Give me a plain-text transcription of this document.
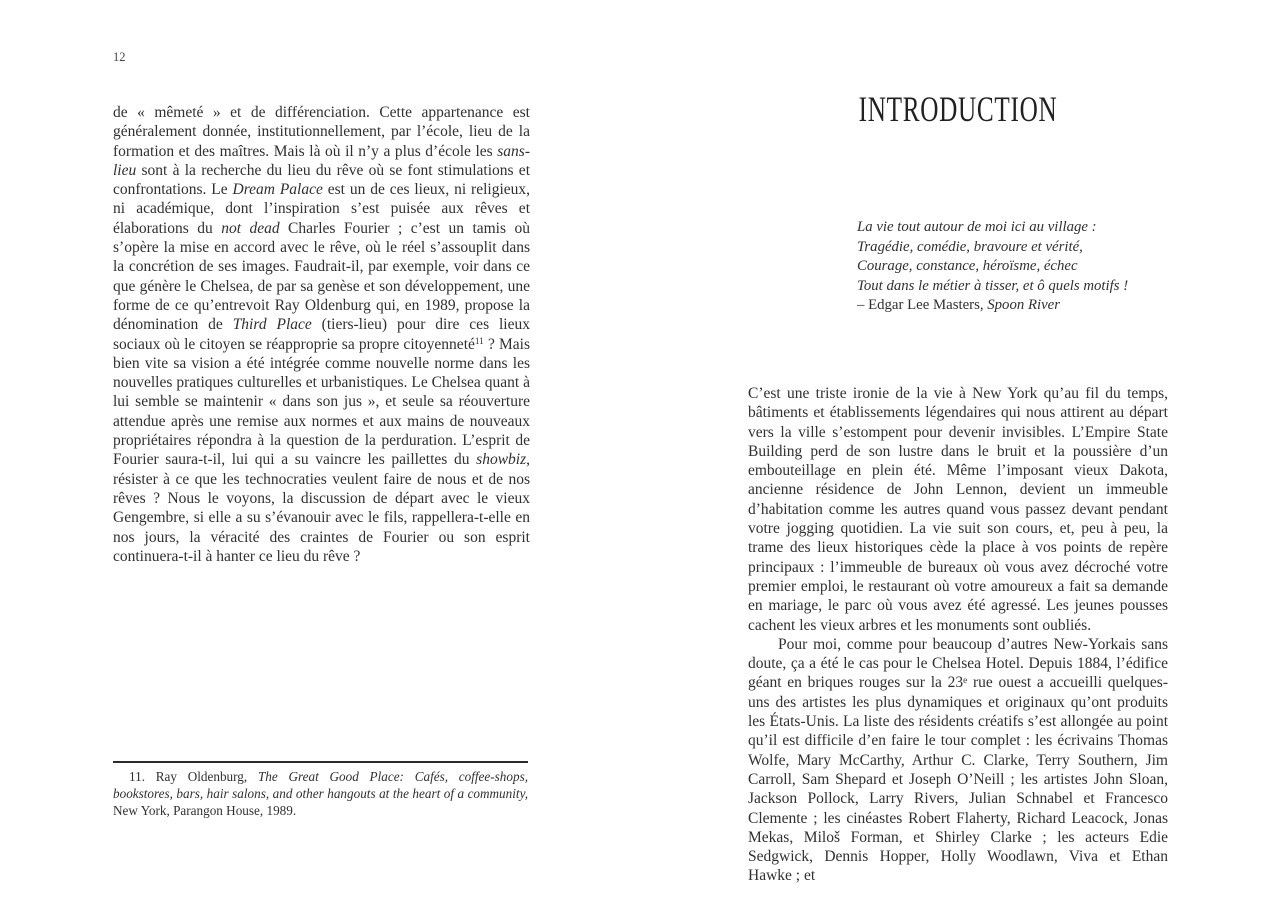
12

de « mêmeté » et de différenciation. Cette appartenance est généralement donnée, institutionnellement, par l’école, lieu de la formation et des maîtres. Mais là où il n’y a plus d’école les sans-lieu sont à la recherche du lieu du rêve où se font stimulations et confrontations. Le Dream Palace est un de ces lieux, ni religieux, ni académique, dont l’inspiration s’est puisée aux rêves et élaborations du not dead Charles Fourier ; c’est un tamis où s’opère la mise en accord avec le rêve, où le réel s’assouplit dans la concrétion de ses images. Faudrait-il, par exemple, voir dans ce que génère le Chelsea, de par sa genèse et son développement, une forme de ce qu’entrevoit Ray Oldenburg qui, en 1989, propose la dénomination de Third Place (tiers-lieu) pour dire ces lieux sociaux où le citoyen se réapproprie sa propre citoyenneté$^{11}$ ? Mais bien vite sa vision a été intégrée comme nouvelle norme dans les nouvelles pratiques culturelles et urbanistiques. Le Chelsea quant à lui semble se maintenir « dans son jus », et seule sa réouverture attendue après une remise aux normes et aux mains de nouveaux propriétaires répondra à la question de la perduration. L’esprit de Fourier saura-t-il, lui qui a su vaincre les paillettes du showbiz, résister à ce que les technocraties veulent faire de nous et de nos rêves ? Nous le voyons, la discussion de départ avec le vieux Gengembre, si elle a su s’évanouir avec le fils, rappellera-t-elle en nos jours, la véracité des craintes de Fourier ou son esprit continuera-t-il à hanter ce lieu du rêve ?

11. Ray Oldenburg, The Great Good Place: Cafés, coffee-shops, bookstores, bars, hair salons, and other hangouts at the heart of a community, New York, Parangon House, 1989.
INTRODUCTION
La vie tout autour de moi ici au village :
Tragédie, comédie, bravoure et vérité,
Courage, constance, héroïsme, échec
Tout dans le métier à tisser, et ô quels motifs !
– Edgar Lee Masters, Spoon River

C’est une triste ironie de la vie à New York qu’au fil du temps, bâtiments et établissements légendaires qui nous attirent au départ vers la ville s’estompent pour devenir invisibles. L’Empire State Building perd de son lustre dans le bruit et la poussière d’un embouteillage en plein été. Même l’imposant vieux Dakota, ancienne résidence de John Lennon, devient un immeuble d’habitation comme les autres quand vous passez devant pendant votre jogging quotidien. La vie suit son cours, et, peu à peu, la trame des lieux historiques cède la place à vos points de repère principaux : l’immeuble de bureaux où vous avez décroché votre premier emploi, le restaurant où votre amoureux a fait sa demande en mariage, le parc où vous avez été agressé. Les jeunes pousses cachent les vieux arbres et les monuments sont oubliés.

Pour moi, comme pour beaucoup d’autres New-Yorkais sans doute, ça a été le cas pour le Chelsea Hotel. Depuis 1884, l’édifice géant en briques rouges sur la 23e rue ouest a accueilli quelques-uns des artistes les plus dynamiques et originaux qu’ont produits les États-Unis. La liste des résidents créatifs s’est allongée au point qu’il est difficile d’en faire le tour complet : les écrivains Thomas Wolfe, Mary McCarthy, Arthur C. Clarke, Terry Southern, Jim Carroll, Sam Shepard et Joseph O’Neill ; les artistes John Sloan, Jackson Pollock, Larry Rivers, Julian Schnabel et Francesco Clemente ; les cinéastes Robert Flaherty, Richard Leacock, Jonas Mekas, Miloš Forman, et Shirley Clarke ; les acteurs Edie Sedgwick, Dennis Hopper, Holly Woodlawn, Viva et Ethan Hawke ; et
